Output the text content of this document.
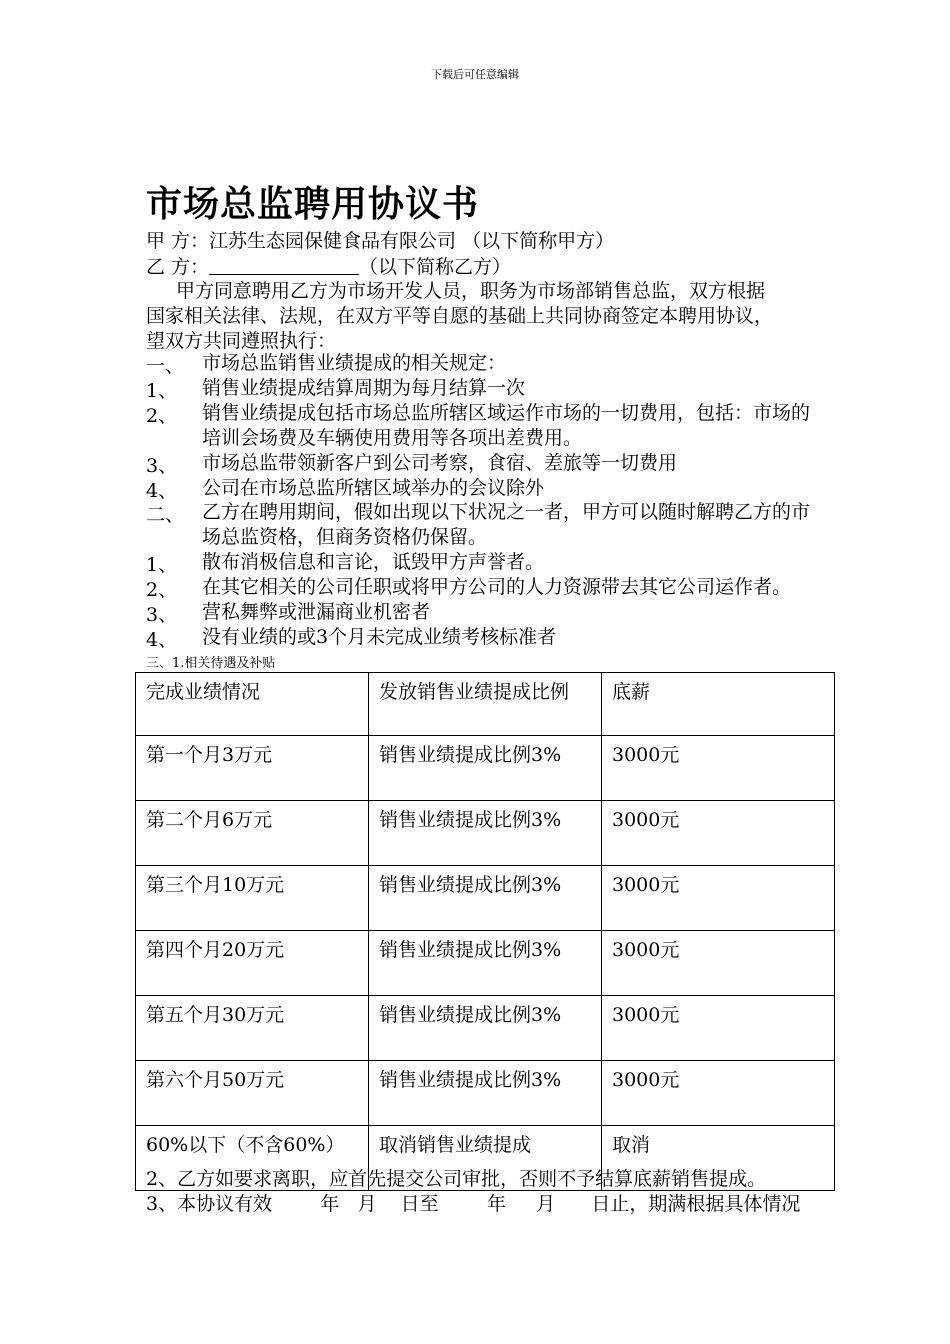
下载后可任意编辑
市场总监聘用协议书
甲 方：江苏生态园保健食品有限公司 （以下简称甲方）
乙 方：	（以下简称乙方）
甲方同意聘用乙方为市场开发人员，职务为市场部销售总监，双方根据
国家相关法律、法规，在双方平等自愿的基础上共同协商签定本聘用协议，
望双方共同遵照执行：
一、 市场总监销售业绩提成的相关规定：
1、 销售业绩提成结算周期为每月结算一次
2、 销售业绩提成包括市场总监所辖区域运作市场的一切费用，包括：市场的培训会场费及车辆使用费用等各项出差费用。
3、 市场总监带领新客户到公司考察，食宿、差旅等一切费用
4、 公司在市场总监所辖区域举办的会议除外
二、 乙方在聘用期间，假如出现以下状况之一者，甲方可以随时解聘乙方的市场总监资格，但商务资格仍保留。
1、 散布消极信息和言论，诋毁甲方声誉者。
2、 在其它相关的公司任职或将甲方公司的人力资源带去其它公司运作者。
3、 营私舞弊或泄漏商业机密者
4、 没有业绩的或3个月未完成业绩考核标准者
三、1.相关待遇及补贴
完成业绩情况	发放销售业绩提成比例	底薪
第一个月3万元	销售业绩提成比例3%	3000元
第二个月6万元	销售业绩提成比例3%	3000元
第三个月10万元	销售业绩提成比例3%	3000元
第四个月20万元	销售业绩提成比例3%	3000元
第五个月30万元	销售业绩提成比例3%	3000元
第六个月50万元	销售业绩提成比例3%	3000元
60%以下（不含60%）	取消销售业绩提成	取消
2、乙方如要求离职，应首先提交公司审批，否则不予结算底薪销售提成。
3、本协议有效        年   月    日至        年     月      日止，期满根据具体情况
